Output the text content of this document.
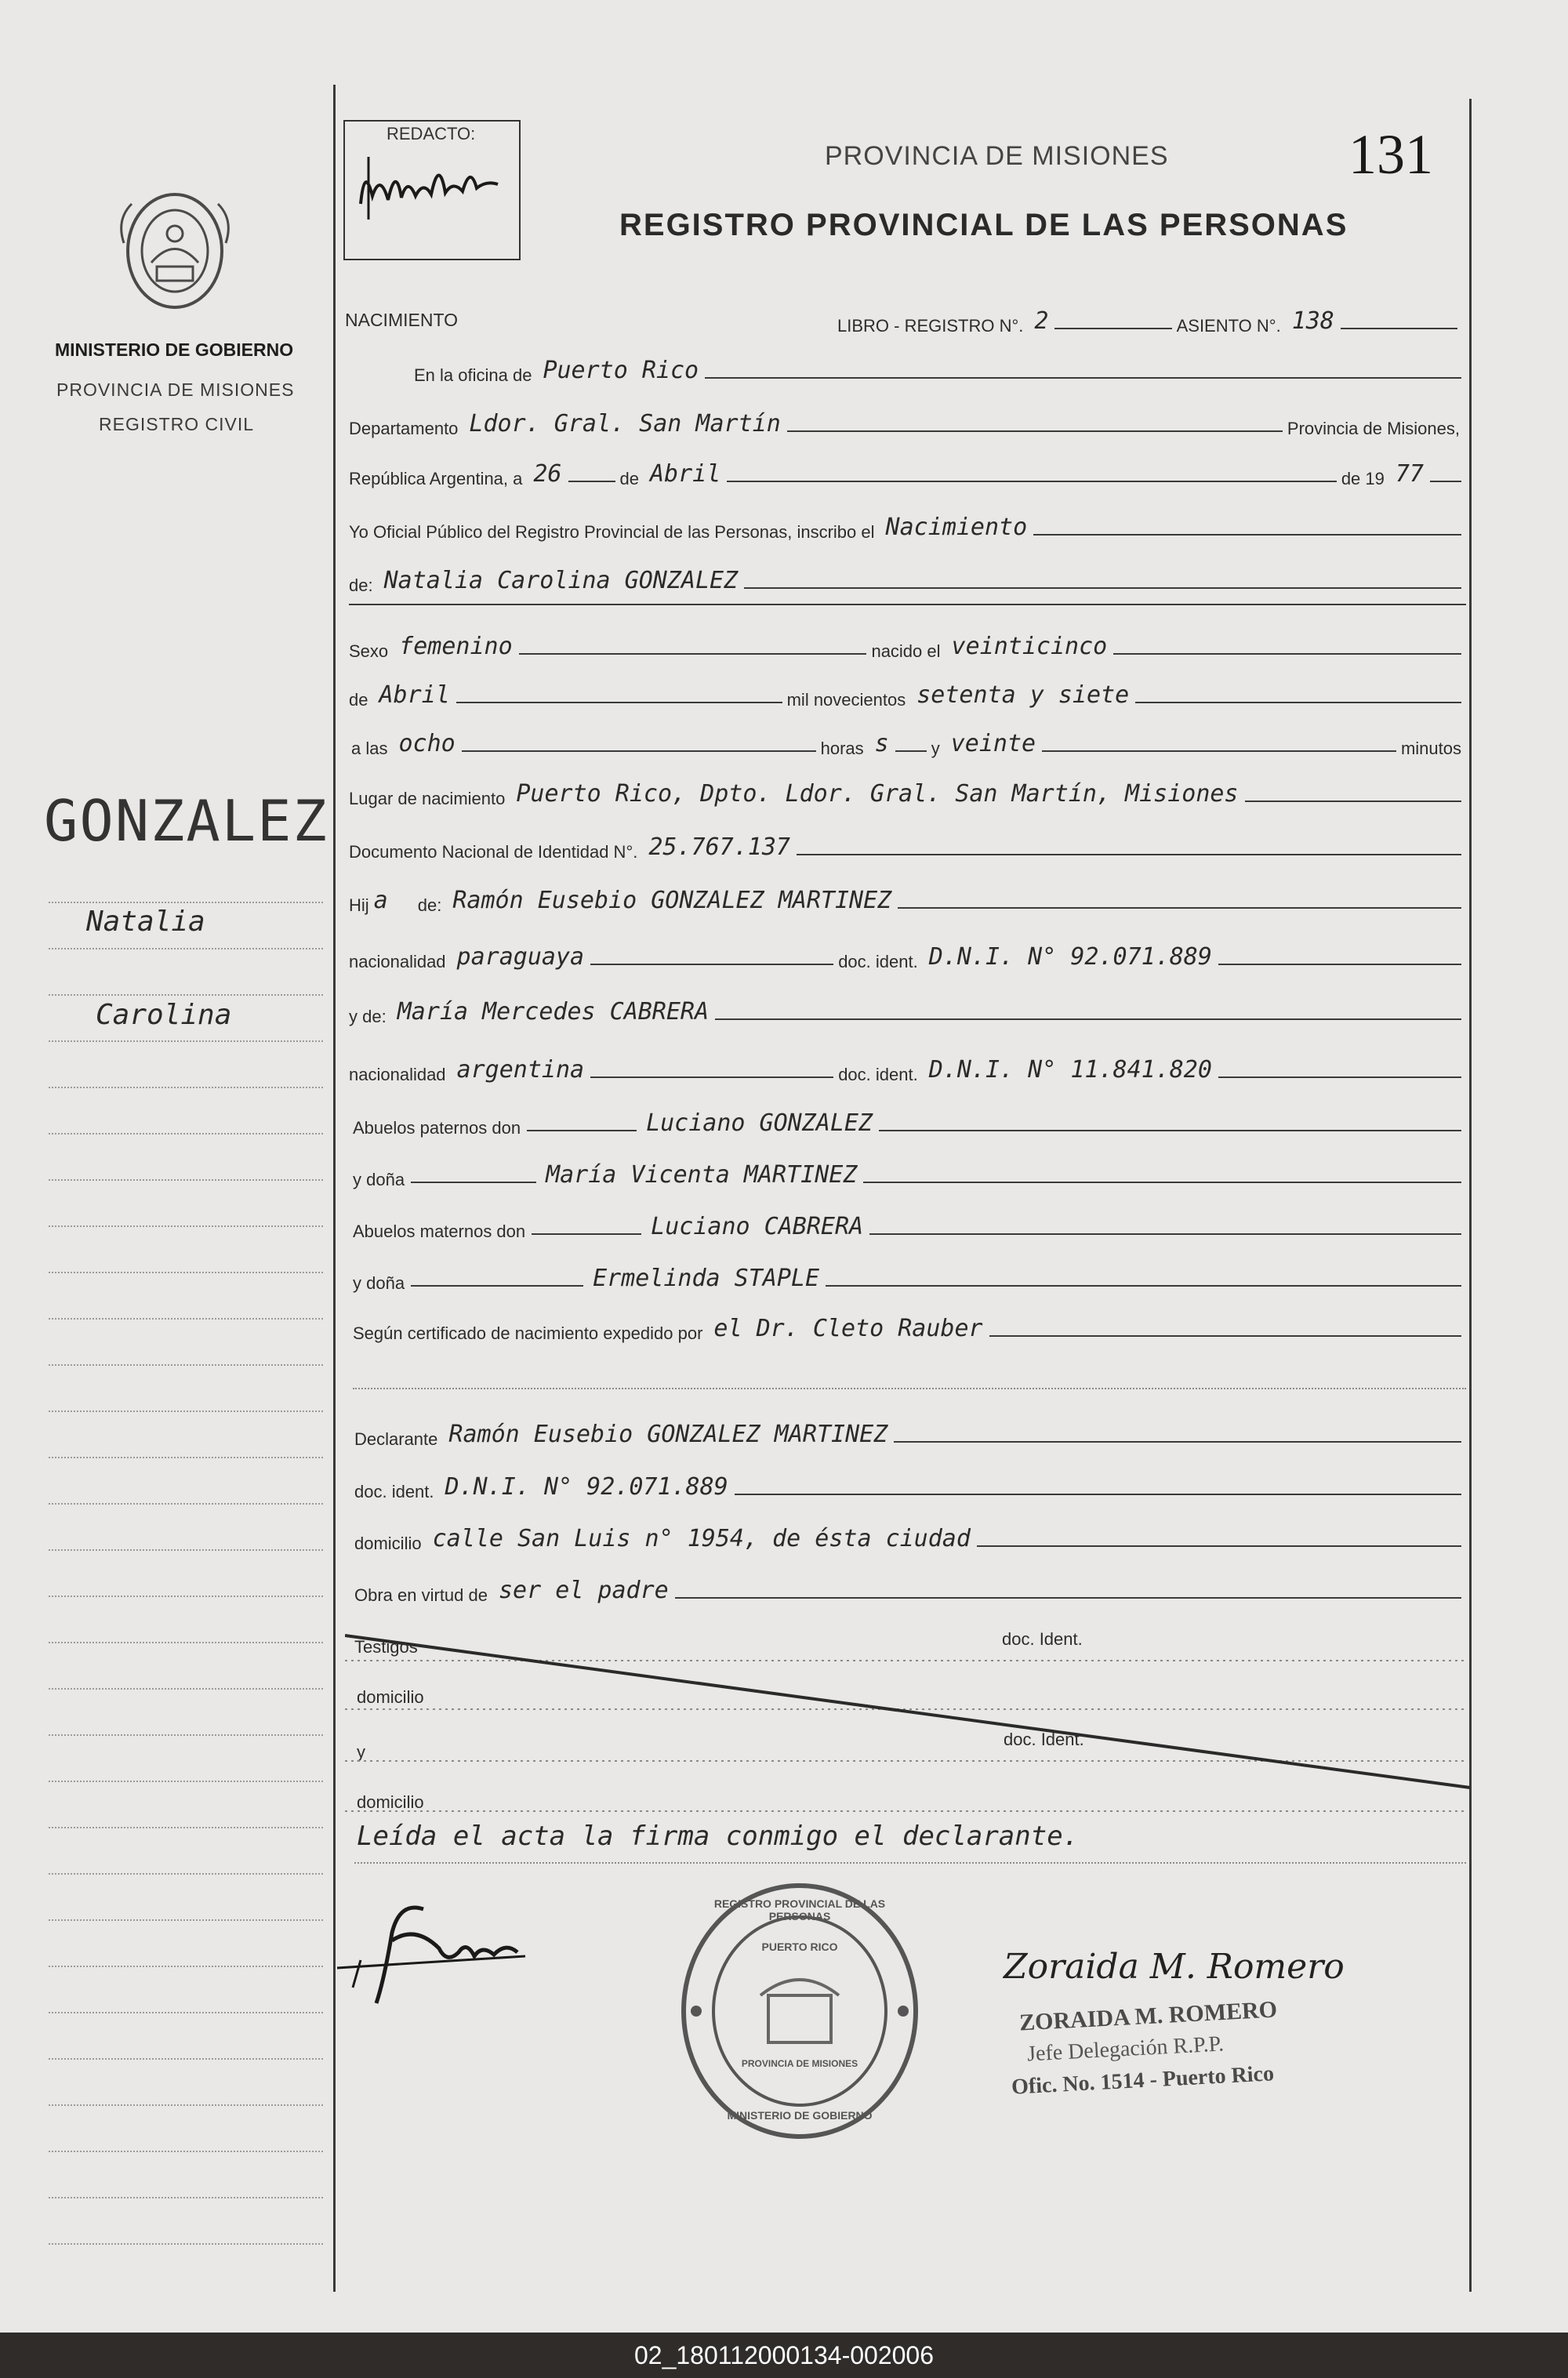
MINISTERIO DE GOBIERNO
PROVINCIA DE MISIONES
REGISTRO CIVIL
GONZALEZ
Natalia
Carolina
REDACTO:
PROVINCIA DE MISIONES	131
REGISTRO PROVINCIAL DE LAS PERSONAS
NACIMIENTO	LIBRO - REGISTRO N°. 2	ASIENTO N°. 138
En la oficina de Puerto Rico
Departamento Ldor. Gral. San Martín	Provincia de Misiones,
República Argentina, a 26	de Abril	de 19 77
Yo Oficial Público del Registro Provincial de las Personas, inscribo el Nacimiento
de: Natalia Carolina GONZALEZ
Sexo femenino	nacido el veinticinco
de Abril	mil novecientos setenta y siete
a las ocho	horas s	y veinte	minutos
Lugar de nacimiento Puerto Rico, Dpto. Ldor. Gral. San Martín, Misiones
Documento Nacional de Identidad N°. 25.767.137
Hij a	de: Ramón Eusebio GONZALEZ MARTINEZ
nacionalidad paraguaya	doc. ident. D.N.I. N° 92.071.889
y de: María Mercedes CABRERA
nacionalidad argentina	doc. ident. D.N.I. N° 11.841.820
Abuelos paternos don	Luciano GONZALEZ
y doña	María Vicenta MARTINEZ
Abuelos maternos don	Luciano CABRERA
y doña	Ermelinda STAPLE
Según certificado de nacimiento expedido por el Dr. Cleto Rauber
Declarante Ramón Eusebio GONZALEZ MARTINEZ
doc. ident. D.N.I. N° 92.071.889
domicilio calle San Luis n° 1954, de ésta ciudad
Obra en virtud de ser el padre
Testigos	doc. Ident.
domicilio
y
doc. Ident.
domicilio
Leída el acta la firma conmigo el declarante.
REGISTRO PROVINCIAL DE LAS PERSONAS
PUERTO RICO
PROVINCIA DE MISIONES
MINISTERIO DE GOBIERNO
Zoraida M. Romero
ZORAIDA M. ROMERO
Jefe Delegación R.P.P.
Ofic. No. 1514 - Puerto Rico
02_180112000134-002006
